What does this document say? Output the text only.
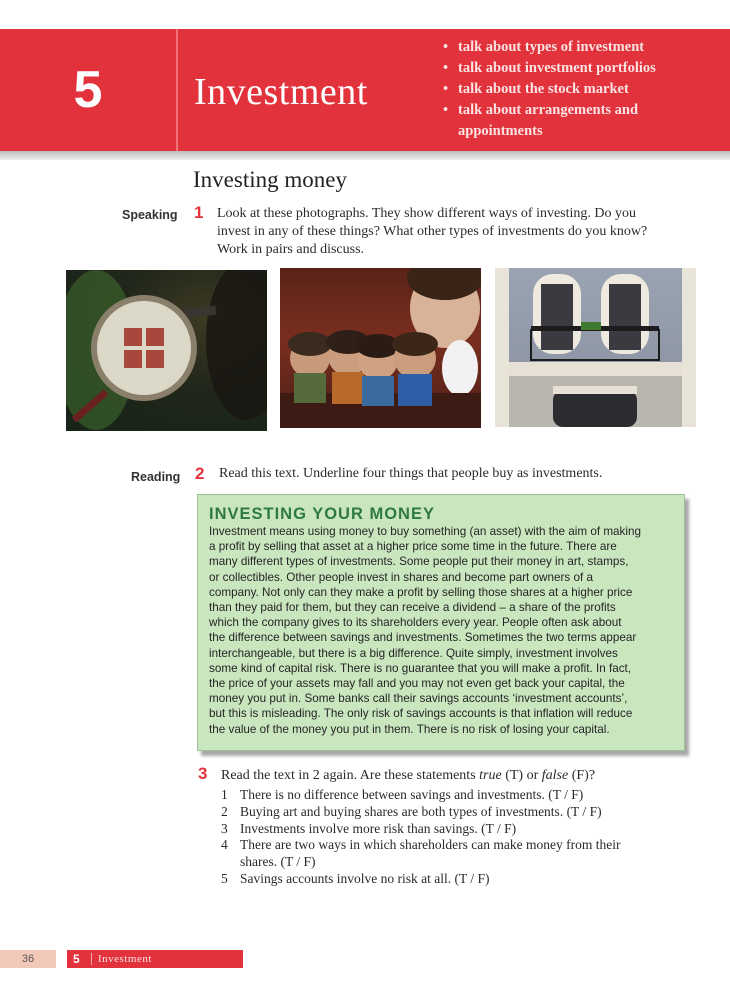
5 Investment
• talk about types of investment
• talk about investment portfolios
• talk about the stock market
• talk about arrangements and appointments
Investing money
Speaking 1 Look at these photographs. They show different ways of investing. Do you
invest in any of these things? What other types of investments do you know?
Work in pairs and discuss.
Reading 2 Read this text. Underline four things that people buy as investments.
INVESTING YOUR MONEY
Investment means using money to buy something (an asset) with the aim of making
a profit by selling that asset at a higher price some time in the future. There are
many different types of investments. Some people put their money in art, stamps,
or collectibles. Other people invest in shares and become part owners of a
company. Not only can they make a profit by selling those shares at a higher price
than they paid for them, but they can receive a dividend – a share of the profits
which the company gives to its shareholders every year. People often ask about
the difference between savings and investments. Sometimes the two terms appear
interchangeable, but there is a big difference. Quite simply, investment involves
some kind of capital risk. There is no guarantee that you will make a profit. In fact,
the price of your assets may fall and you may not even get back your capital, the
money you put in. Some banks call their savings accounts ‘investment accounts’,
but this is misleading. The only risk of savings accounts is that inflation will reduce
the value of the money you put in them. There is no risk of losing your capital.
3 Read the text in 2 again. Are these statements true (T) or false (F)?
1 There is no difference between savings and investments. (T / F)
2 Buying art and buying shares are both types of investments. (T / F)
3 Investments involve more risk than savings. (T / F)
4 There are two ways in which shareholders can make money from their shares. (T / F)
5 Savings accounts involve no risk at all. (T / F)
36	5 Investment
